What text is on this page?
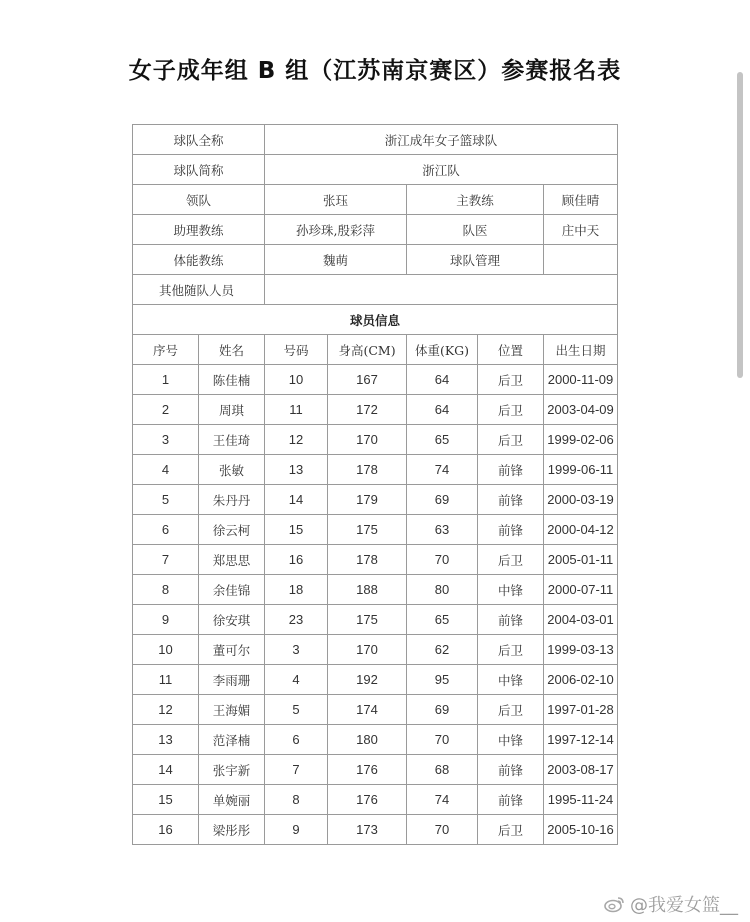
女子成年组 B 组（江苏南京赛区）参赛报名表
球队全称		浙江成年女子篮球队				
球队简称		浙江队				
领队		张珏		主教练		顾佳晴
助理教练		孙珍珠,殷彩萍		队医		庄中天
体能教练		魏萌		球队管理		
其他随队人员						
球员信息						
序号	姓名	号码	身高(CM)	体重(KG)	位置	出生日期
1	陈佳楠	10	167	64	后卫	2000-11-09
2	周琪	11	172	64	后卫	2003-04-09
3	王佳琦	12	170	65	后卫	1999-02-06
4	张敏	13	178	74	前锋	1999-06-11
5	朱丹丹	14	179	69	前锋	2000-03-19
6	徐云柯	15	175	63	前锋	2000-04-12
7	郑思思	16	178	70	后卫	2005-01-11
8	余佳锦	18	188	80	中锋	2000-07-11
9	徐安琪	23	175	65	前锋	2004-03-01
10	董可尔	3	170	62	后卫	1999-03-13
11	李雨珊	4	192	95	中锋	2006-02-10
12	王海媚	5	174	69	后卫	1997-01-28
13	范泽楠	6	180	70	中锋	1997-12-14
14	张宇新	7	176	68	前锋	2003-08-17
15	单婉丽	8	176	74	前锋	1995-11-24
16	梁彤彤	9	173	70	后卫	2005-10-16
@我爱女篮__
